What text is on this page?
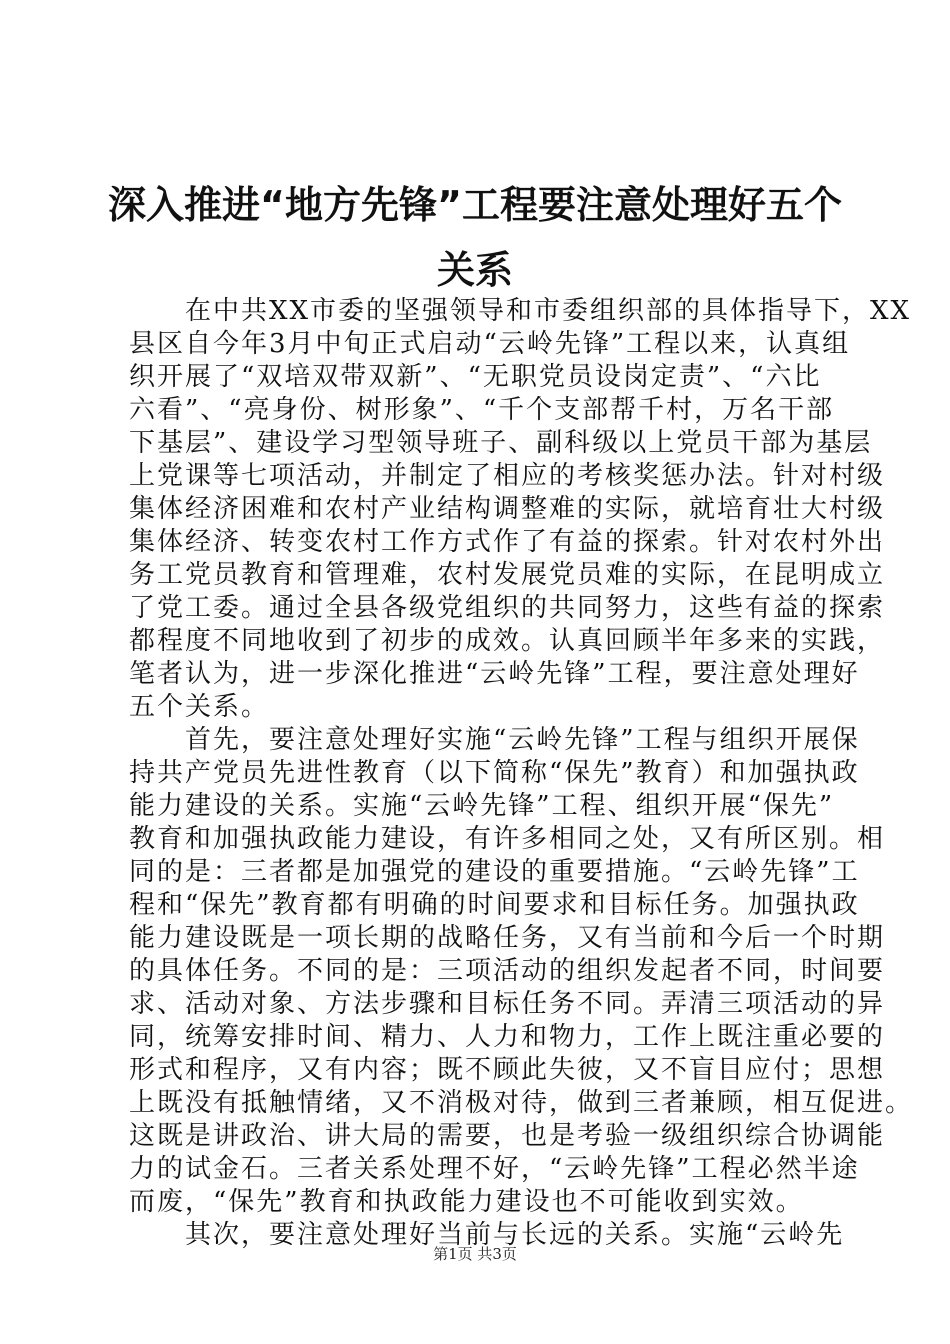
深入推进“地方先锋”工程要注意处理好五个
关系
　　在中共XX市委的坚强领导和市委组织部的具体指导下，XX
县区自今年3月中旬正式启动“云岭先锋”工程以来，认真组
织开展了“双培双带双新”、“无职党员设岗定责”、“六比
六看”、“亮身份、树形象”、“千个支部帮千村，万名干部
下基层”、建设学习型领导班子、副科级以上党员干部为基层
上党课等七项活动，并制定了相应的考核奖惩办法。针对村级
集体经济困难和农村产业结构调整难的实际，就培育壮大村级
集体经济、转变农村工作方式作了有益的探索。针对农村外出
务工党员教育和管理难，农村发展党员难的实际，在昆明成立
了党工委。通过全县各级党组织的共同努力，这些有益的探索
都程度不同地收到了初步的成效。认真回顾半年多来的实践，
笔者认为，进一步深化推进“云岭先锋”工程，要注意处理好
五个关系。
　　首先，要注意处理好实施“云岭先锋”工程与组织开展保
持共产党员先进性教育（以下简称“保先”教育）和加强执政
能力建设的关系。实施“云岭先锋”工程、组织开展“保先”
教育和加强执政能力建设，有许多相同之处，又有所区别。相
同的是：三者都是加强党的建设的重要措施。“云岭先锋”工
程和“保先”教育都有明确的时间要求和目标任务。加强执政
能力建设既是一项长期的战略任务，又有当前和今后一个时期
的具体任务。不同的是：三项活动的组织发起者不同，时间要
求、活动对象、方法步骤和目标任务不同。弄清三项活动的异
同，统筹安排时间、精力、人力和物力，工作上既注重必要的
形式和程序，又有内容；既不顾此失彼，又不盲目应付；思想
上既没有抵触情绪，又不消极对待，做到三者兼顾，相互促进。
这既是讲政治、讲大局的需要，也是考验一级组织综合协调能
力的试金石。三者关系处理不好，“云岭先锋”工程必然半途
而废，“保先”教育和执政能力建设也不可能收到实效。
　　其次，要注意处理好当前与长远的关系。实施“云岭先
第1页 共3页
